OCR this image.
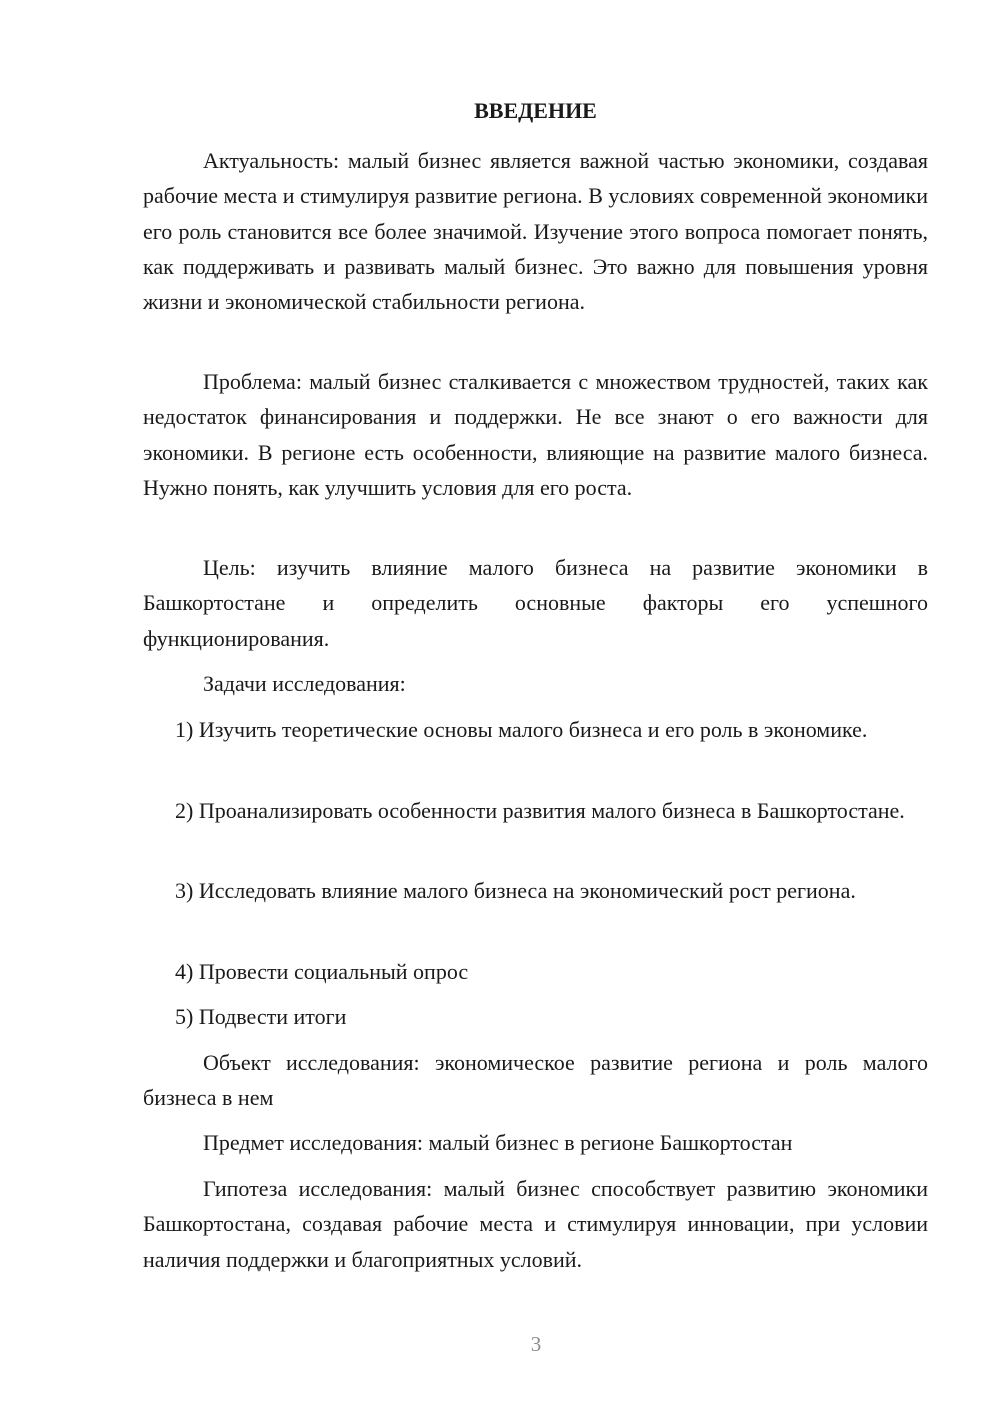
ВВЕДЕНИЕ

Актуальность: малый бизнес является важной частью экономики, создавая рабочие места и стимулируя развитие региона. В условиях современной экономики его роль становится все более значимой. Изучение этого вопроса помогает понять, как поддерживать и развивать малый бизнес. Это важно для повышения уровня жизни и экономической стабильности региона.

Проблема: малый бизнес сталкивается с множеством трудностей, таких как недостаток финансирования и поддержки. Не все знают о его важности для экономики. В регионе есть особенности, влияющие на развитие малого бизнеса. Нужно понять, как улучшить условия для его роста.

Цель: изучить влияние малого бизнеса на развитие экономики в Башкортостане и определить основные факторы его успешного функционирования.

Задачи исследования:

1) Изучить теоретические основы малого бизнеса и его роль в экономике.

2) Проанализировать особенности развития малого бизнеса в Башкортостане.

3) Исследовать влияние малого бизнеса на экономический рост региона.

4) Провести социальный опрос

5) Подвести итоги

Объект исследования: экономическое развитие региона и роль малого бизнеса в нем

Предмет исследования: малый бизнес в регионе Башкортостан

Гипотеза исследования: малый бизнес способствует развитию экономики Башкортостана, создавая рабочие места и стимулируя инновации, при условии наличия поддержки и благоприятных условий.

3
